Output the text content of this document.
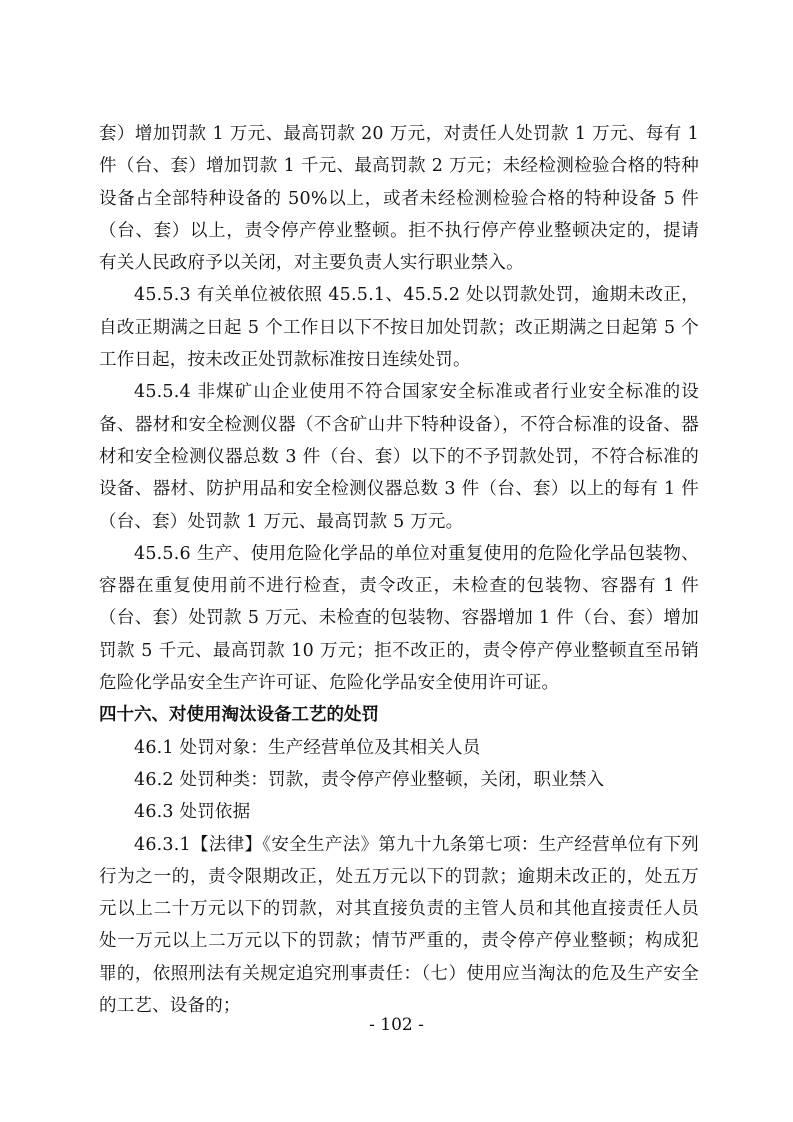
套）增加罚款 1 万元、最高罚款 20 万元，对责任人处罚款 1 万元、每有 1 件（台、套）增加罚款 1 千元、最高罚款 2 万元；未经检测检验合格的特种设备占全部特种设备的 50%以上，或者未经检测检验合格的特种设备 5 件（台、套）以上，责令停产停业整顿。拒不执行停产停业整顿决定的，提请有关人民政府予以关闭，对主要负责人实行职业禁入。

45.5.3 有关单位被依照 45.5.1、45.5.2 处以罚款处罚，逾期未改正，自改正期满之日起 5 个工作日以下不按日加处罚款；改正期满之日起第 5 个工作日起，按未改正处罚款标准按日连续处罚。

45.5.4 非煤矿山企业使用不符合国家安全标准或者行业安全标准的设备、器材和安全检测仪器（不含矿山井下特种设备），不符合标准的设备、器材和安全检测仪器总数 3 件（台、套）以下的不予罚款处罚，不符合标准的设备、器材、防护用品和安全检测仪器总数 3 件（台、套）以上的每有 1 件（台、套）处罚款 1 万元、最高罚款 5 万元。

45.5.6 生产、使用危险化学品的单位对重复使用的危险化学品包装物、容器在重复使用前不进行检查，责令改正，未检查的包装物、容器有 1 件（台、套）处罚款 5 万元、未检查的包装物、容器增加 1 件（台、套）增加罚款 5 千元、最高罚款 10 万元；拒不改正的，责令停产停业整顿直至吊销危险化学品安全生产许可证、危险化学品安全使用许可证。

四十六、对使用淘汰设备工艺的处罚

46.1 处罚对象：生产经营单位及其相关人员

46.2 处罚种类：罚款，责令停产停业整顿，关闭，职业禁入

46.3 处罚依据

46.3.1【法律】《安全生产法》第九十九条第七项：生产经营单位有下列行为之一的，责令限期改正，处五万元以下的罚款；逾期未改正的，处五万元以上二十万元以下的罚款，对其直接负责的主管人员和其他直接责任人员处一万元以上二万元以下的罚款；情节严重的，责令停产停业整顿；构成犯罪的，依照刑法有关规定追究刑事责任：（七）使用应当淘汰的危及生产安全的工艺、设备的；

- 102 -
